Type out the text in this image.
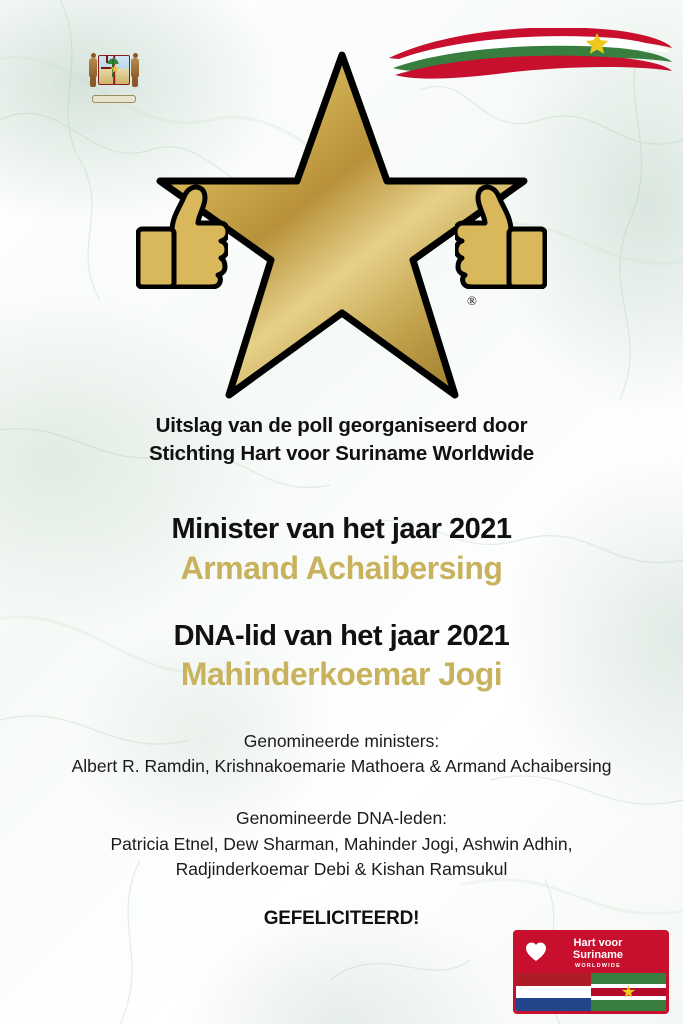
®
Uitslag van de poll georganiseerd door
Stichting Hart voor Suriname Worldwide
Minister van het jaar 2021
Armand Achaibersing
DNA-lid van het jaar 2021
Mahinderkoemar Jogi
Genomineerde ministers:
Albert R. Ramdin, Krishnakoemarie Mathoera & Armand Achaibersing
Genomineerde DNA-leden:
Patricia Etnel, Dew Sharman, Mahinder Jogi, Ashwin Adhin,
Radjinderkoemar Debi & Kishan Ramsukul
GEFELICITEERD!
Hart voor
Suriname
WORLDWIDE
